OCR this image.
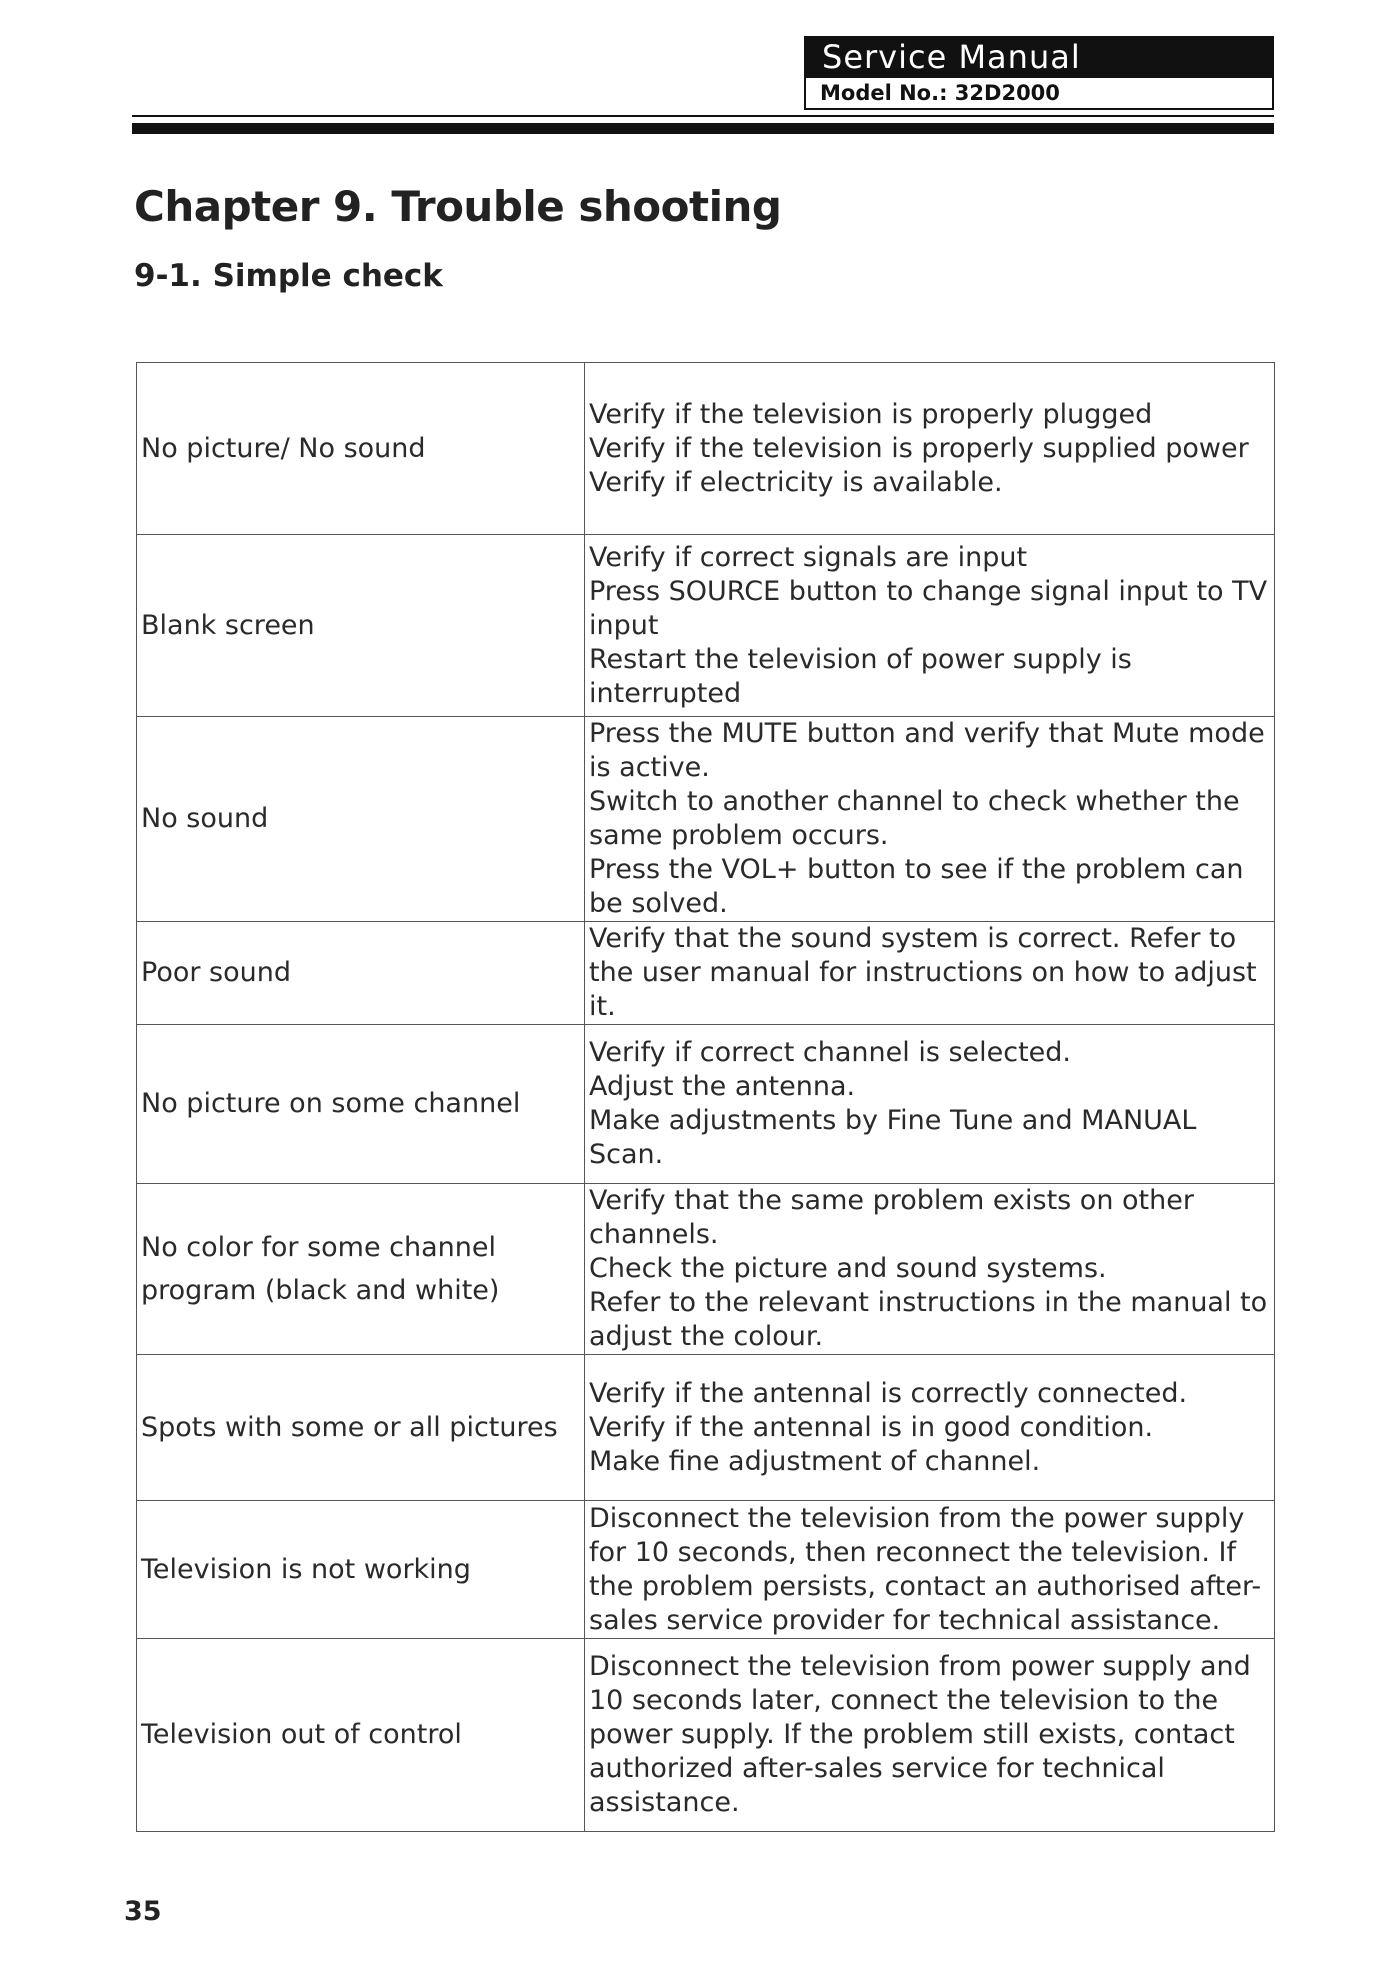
Service Manual
Model No.: 32D2000
Chapter 9. Trouble shooting
9-1. Simple check
No picture/ No sound	Verify if the television is properly plugged
Verify if the television is properly supplied power
Verify if electricity is available.

Blank screen	Verify if correct signals are input
Press SOURCE button to change signal input to TV input
Restart the television of power supply is interrupted

No sound	Press the MUTE button and verify that Mute mode is active.
Switch to another channel to check whether the same problem occurs.
Press the VOL+ button to see if the problem can be solved.

Poor sound	Verify that the sound system is correct. Refer to the user manual for instructions on how to adjust it.

No picture on some channel	Verify if correct channel is selected.
Adjust the antenna.
Make adjustments by Fine Tune and MANUAL Scan.

No color for some channel program (black and white)	Verify that the same problem exists on other channels.
Check the picture and sound systems.
Refer to the relevant instructions in the manual to adjust the colour.

Spots with some or all pictures	Verify if the antennal is correctly connected.
Verify if the antennal is in good condition.
Make fine adjustment of channel.

Television is not working	Disconnect the television from the power supply for 10 seconds, then reconnect the television. If the problem persists, contact an authorised after-sales service provider for technical assistance.

Television out of control	Disconnect the television from power supply and 10 seconds later, connect the television to the power supply. If the problem still exists, contact authorized after-sales service for technical assistance.
35
